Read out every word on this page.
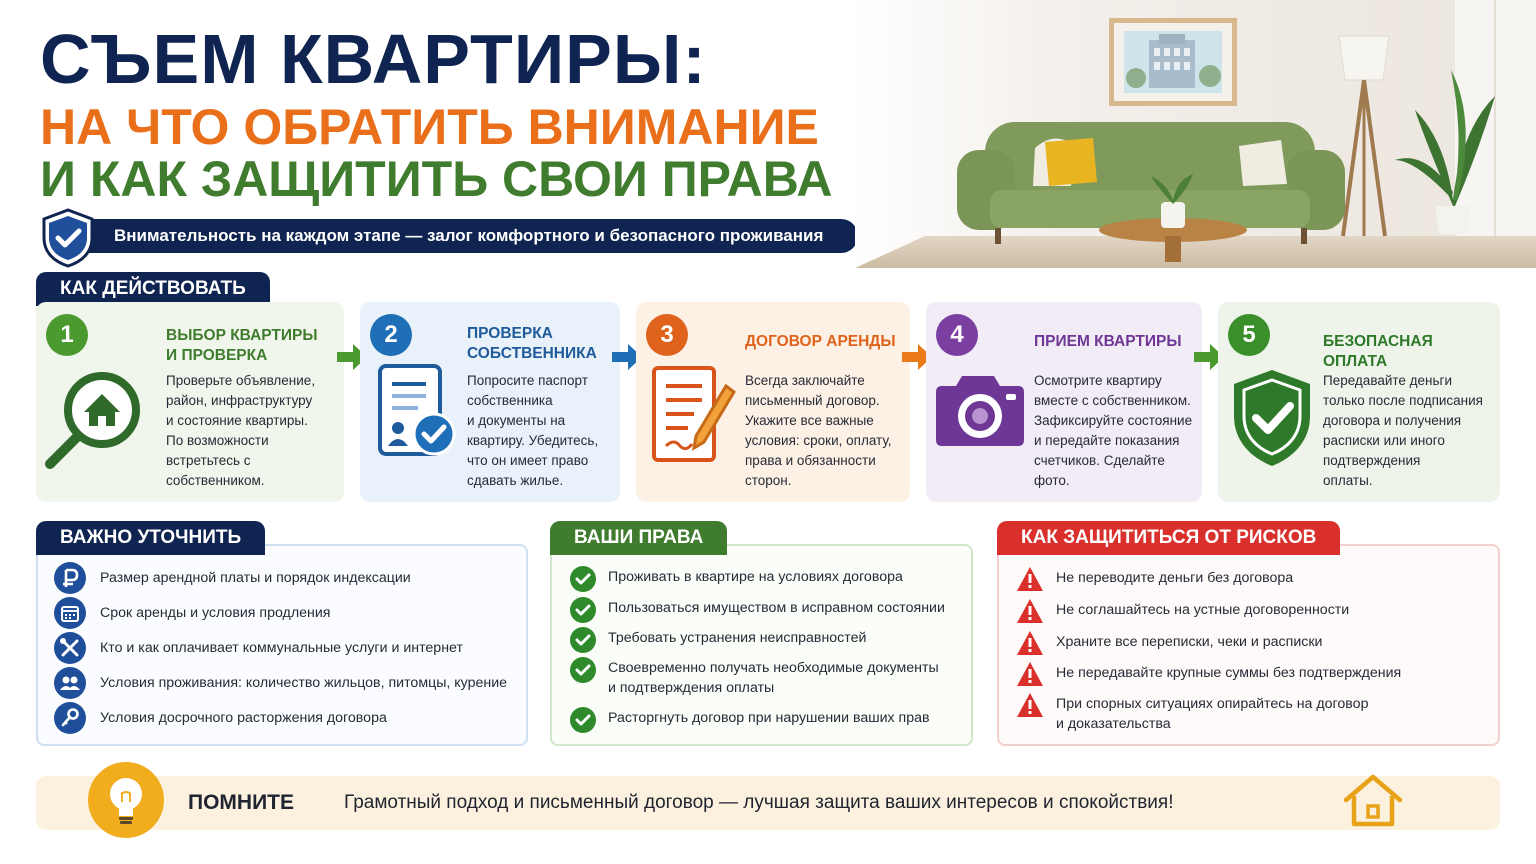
СЪЕМ КВАРТИРЫ:
НА ЧТО ОБРАТИТЬ ВНИМАНИЕ
И КАК ЗАЩИТИТЬ СВОИ ПРАВА
Внимательность на каждом этапе — залог комфортного и безопасного проживания
КАК ДЕЙСТВОВАТЬ
1	ВЫБОР КВАРТИРЫ
И ПРОВЕРКА
Проверьте объявление,
район, инфраструктуру
и состояние квартиры.
По возможности
встретьтесь с
собственником.
2	ПРОВЕРКА
СОБСТВЕННИКА
Попросите паспорт
собственника
и документы на
квартиру. Убедитесь,
что он имеет право
сдавать жилье.
3	ДОГОВОР АРЕНДЫ
Всегда заключайте
письменный договор.
Укажите все важные
условия: сроки, оплату,
права и обязанности
сторон.
4	ПРИЕМ КВАРТИРЫ
Осмотрите квартиру
вместе с собственником.
Зафиксируйте состояние
и передайте показания
счетчиков. Сделайте
фото.
5	БЕЗОПАСНАЯ ОПЛАТА
Передавайте деньги
только после подписания
договора и получения
расписки или иного
подтверждения
оплаты.
ВАЖНО УТОЧНИТЬ
Размер арендной платы и порядок индексации
Срок аренды и условия продления
Кто и как оплачивает коммунальные услуги и интернет
Условия проживания: количество жильцов, питомцы, курение
Условия досрочного расторжения договора
ВАШИ ПРАВА
Проживать в квартире на условиях договора
Пользоваться имуществом в исправном состоянии
Требовать устранения неисправностей
Своевременно получать необходимые документы
и подтверждения оплаты
Расторгнуть договор при нарушении ваших прав
КАК ЗАЩИТИТЬСЯ ОТ РИСКОВ
Не переводите деньги без договора
Не соглашайтесь на устные договоренности
Храните все переписки, чеки и расписки
Не передавайте крупные суммы без подтверждения
При спорных ситуациях опирайтесь на договор
и доказательства
ПОМНИТЕ	Грамотный подход и письменный договор — лучшая защита ваших интересов и спокойствия!
